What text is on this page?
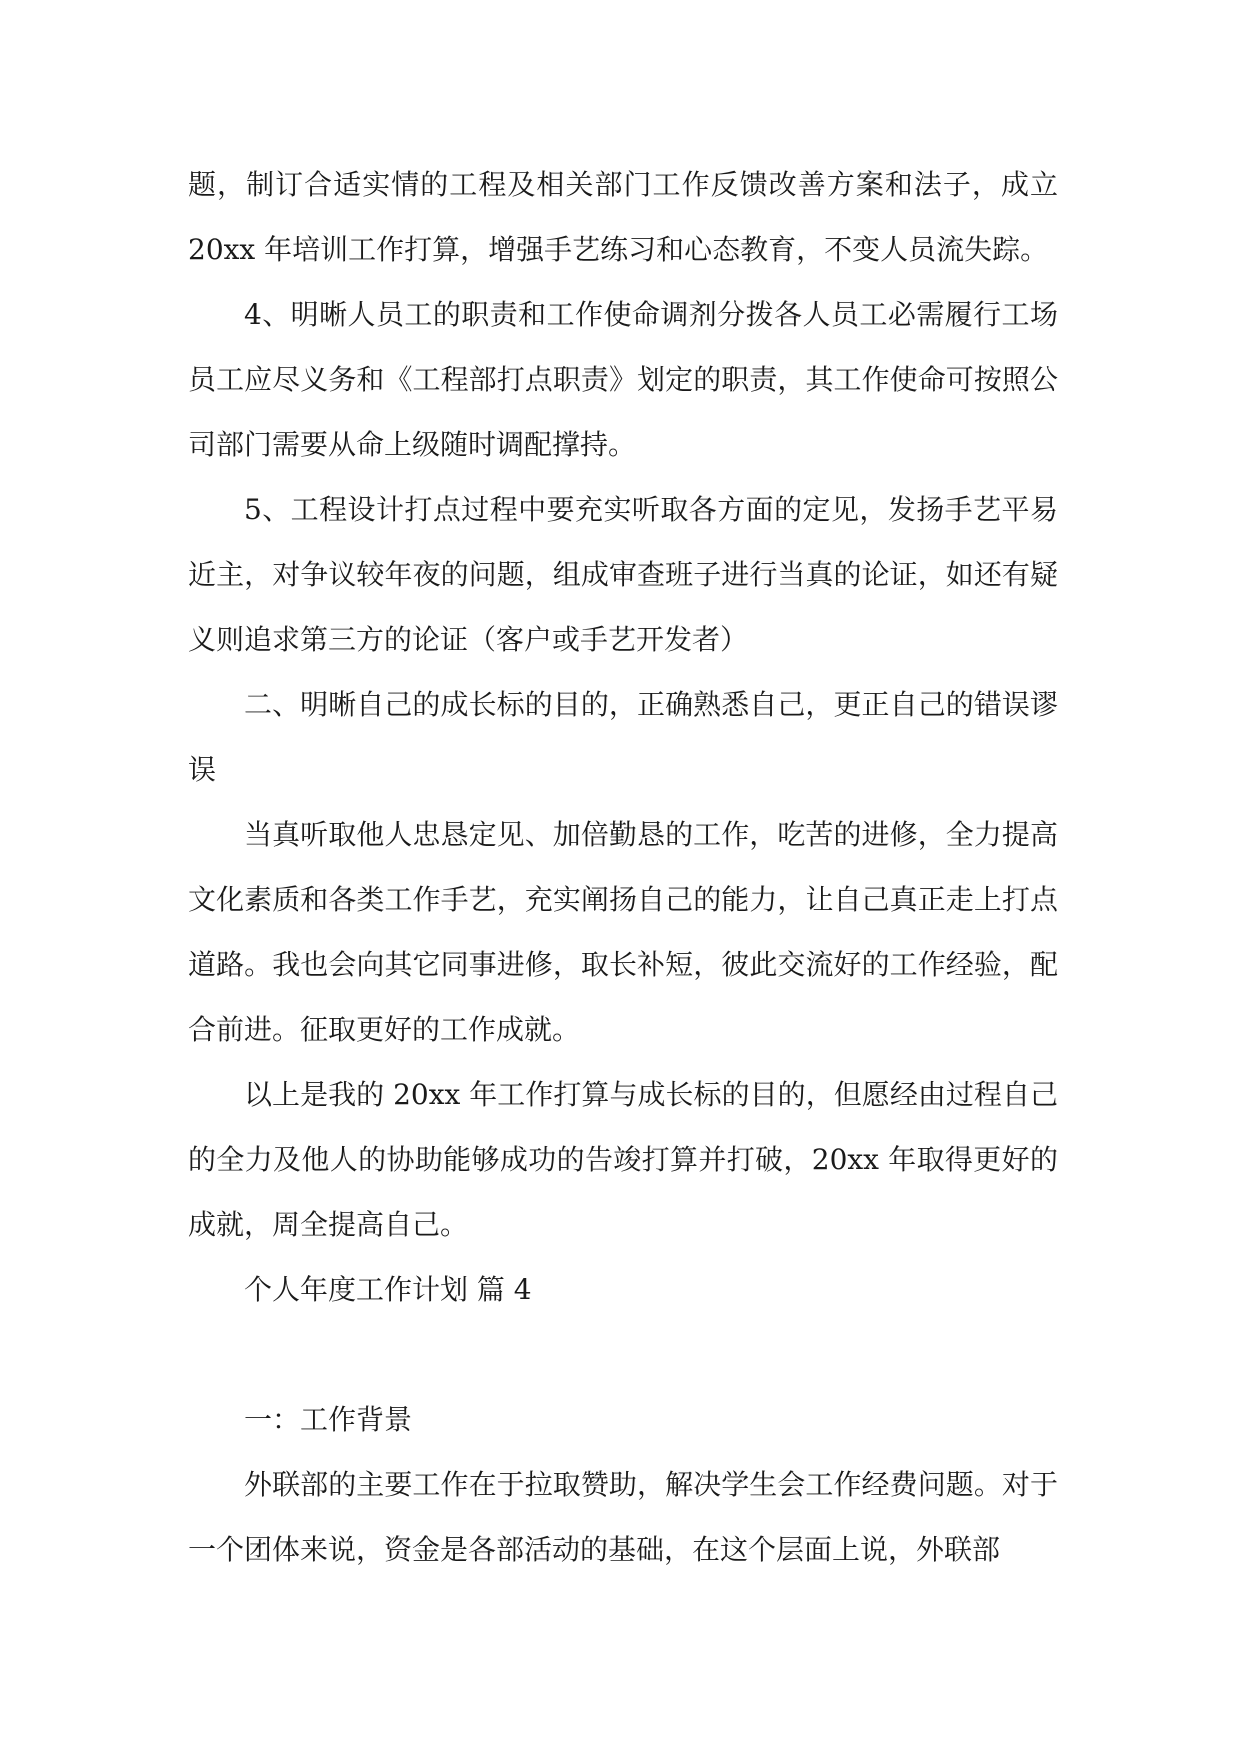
题，制订合适实情的工程及相关部门工作反馈改善方案和法子，成立20xx 年培训工作打算，增强手艺练习和心态教育，不变人员流失踪。

4、明晰人员工的职责和工作使命调剂分拨各人员工必需履行工场员工应尽义务和《工程部打点职责》划定的职责，其工作使命可按照公司部门需要从命上级随时调配撑持。

5、工程设计打点过程中要充实听取各方面的定见，发扬手艺平易近主，对争议较年夜的问题，组成审查班子进行当真的论证，如还有疑义则追求第三方的论证（客户或手艺开发者）

二、明晰自己的成长标的目的，正确熟悉自己，更正自己的错误谬误

当真听取他人忠恳定见、加倍勤恳的工作，吃苦的进修，全力提高文化素质和各类工作手艺，充实阐扬自己的能力，让自己真正走上打点道路。我也会向其它同事进修，取长补短，彼此交流好的工作经验，配合前进。征取更好的工作成就。

以上是我的 20xx 年工作打算与成长标的目的，但愿经由过程自己的全力及他人的协助能够成功的告竣打算并打破，20xx 年取得更好的成就，周全提高自己。

个人年度工作计划 篇 4

一：工作背景

外联部的主要工作在于拉取赞助，解决学生会工作经费问题。对于一个团体来说，资金是各部活动的基础，在这个层面上说，外联部
